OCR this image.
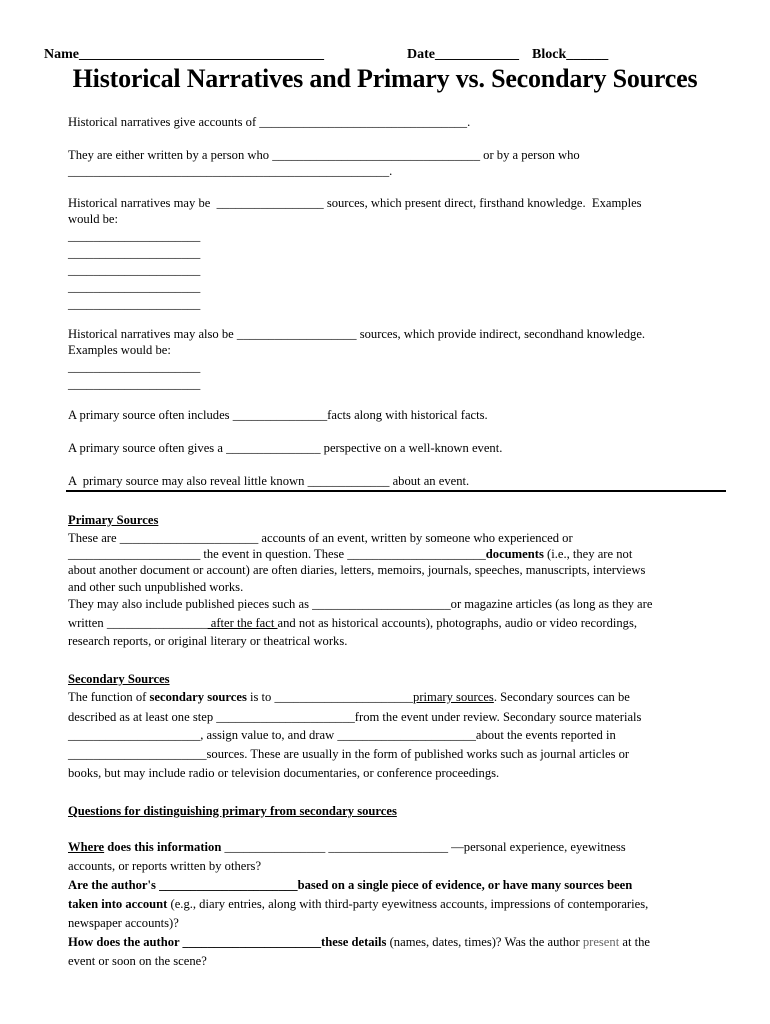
Name___________________________________	Date____________ Block______
Historical Narratives and Primary vs. Secondary Sources
Historical narratives give accounts of _________________________________.
They are either written by a person who _________________________________ or by a person who
___________________________________________________.
Historical narratives may be  _________________ sources, which present direct, firsthand knowledge.  Examples
would be:
_____________________
_____________________
_____________________
_____________________
_____________________
Historical narratives may also be ___________________ sources, which provide indirect, secondhand knowledge.
Examples would be:
_____________________
_____________________
A primary source often includes _______________facts along with historical facts.
A primary source often gives a _______________ perspective on a well-known event.
A  primary source may also reveal little known _____________ about an event.
Primary Sources
These are ______________________ accounts of an event, written by someone who experienced or
_____________________ the event in question. These ______________________documents (i.e., they are not
about another document or account) are often diaries, letters, memoirs, journals, speeches, manuscripts, interviews
and other such unpublished works.
They may also include published pieces such as ______________________or magazine articles (as long as they are
written ________________ after the fact and not as historical accounts), photographs, audio or video recordings,
research reports, or original literary or theatrical works.
Secondary Sources
The function of secondary sources is to ______________________primary sources. Secondary sources can be
described as at least one step ______________________from the event under review. Secondary source materials
_____________________, assign value to, and draw ______________________about the events reported in
______________________sources. These are usually in the form of published works such as journal articles or
books, but may include radio or television documentaries, or conference proceedings.
Questions for distinguishing primary from secondary sources
Where does this information ________________ ___________________ —personal experience, eyewitness
accounts, or reports written by others?
Are the author's ______________________based on a single piece of evidence, or have many sources been
taken into account (e.g., diary entries, along with third-party eyewitness accounts, impressions of contemporaries,
newspaper accounts)?
How does the author ______________________these details (names, dates, times)? Was the author present at the
event or soon on the scene?
